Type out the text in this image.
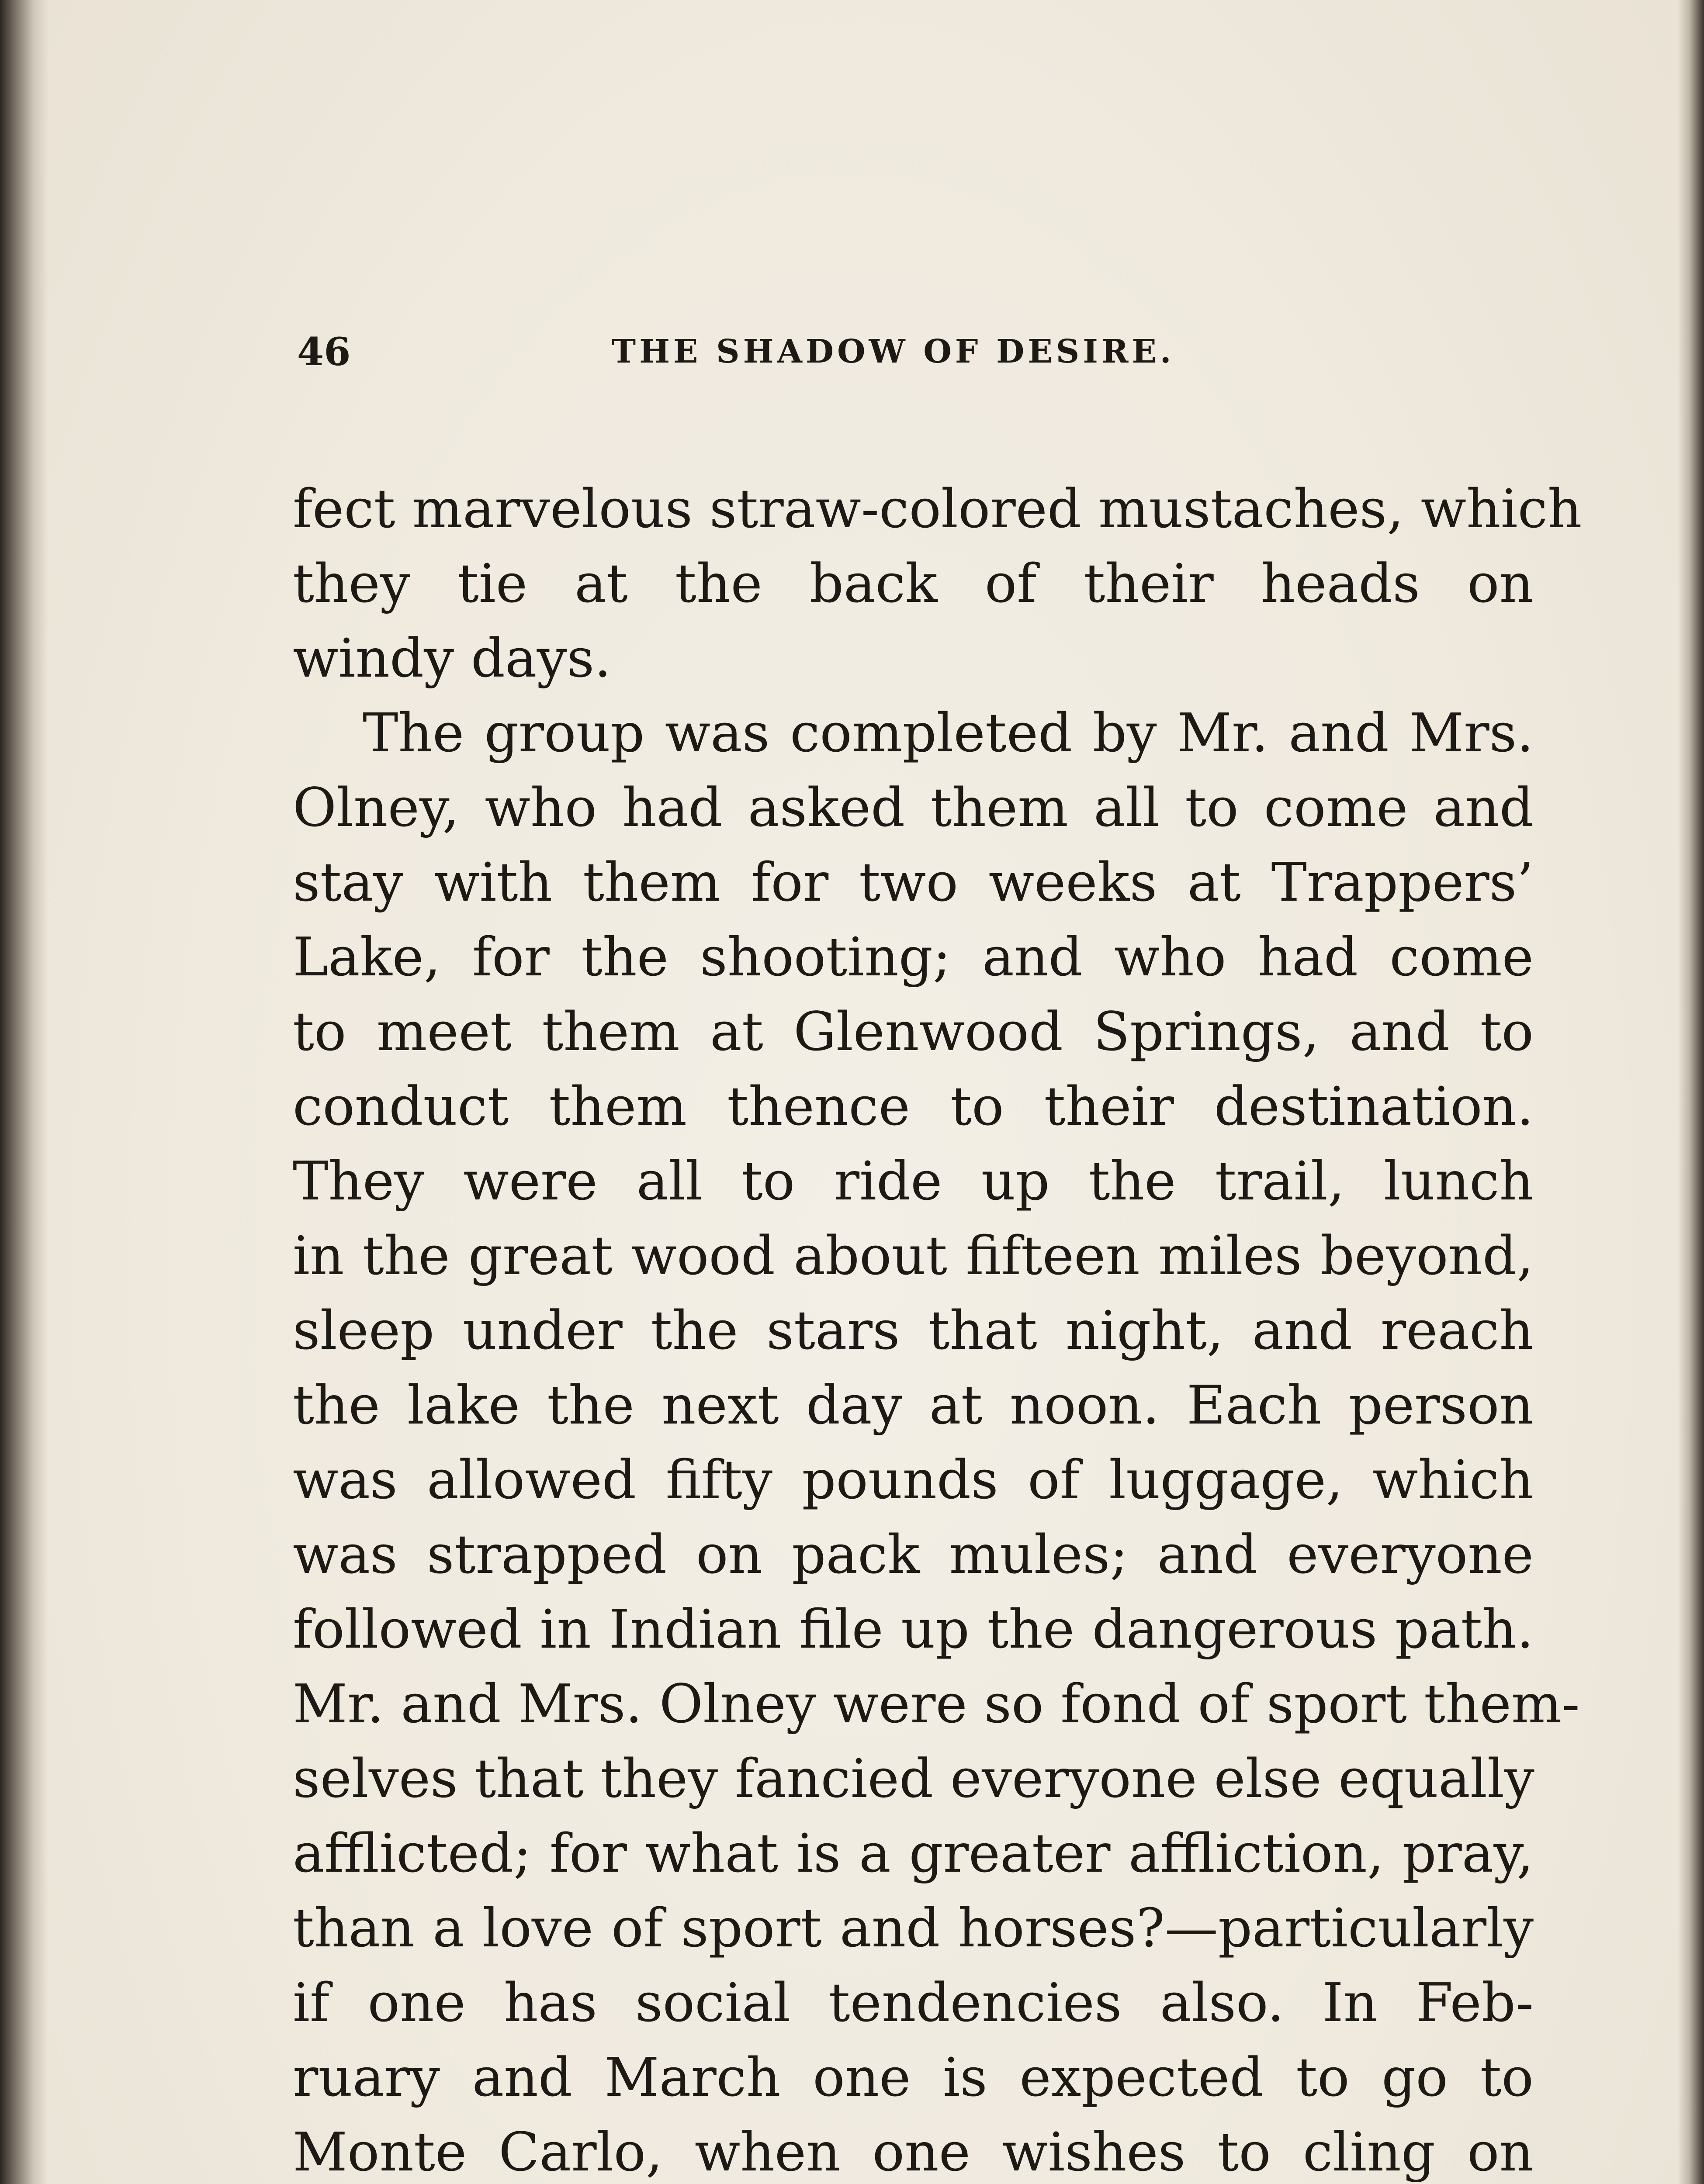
46	THE SHADOW OF DESIRE.
fect marvelous straw-colored mustaches, which
they tie at the back of their heads on
windy days.
The group was completed by Mr. and Mrs.
Olney, who had asked them all to come and
stay with them for two weeks at Trappers’
Lake, for the shooting; and who had come
to meet them at Glenwood Springs, and to
conduct them thence to their destination.
They were all to ride up the trail, lunch
in the great wood about fifteen miles beyond,
sleep under the stars that night, and reach
the lake the next day at noon. Each person
was allowed fifty pounds of luggage, which
was strapped on pack mules; and everyone
followed in Indian file up the dangerous path.
Mr. and Mrs. Olney were so fond of sport them-
selves that they fancied everyone else equally
afflicted; for what is a greater affliction, pray,
than a love of sport and horses?—particularly
if one has social tendencies also. In Feb-
ruary and March one is expected to go to
Monte Carlo, when one wishes to cling on
